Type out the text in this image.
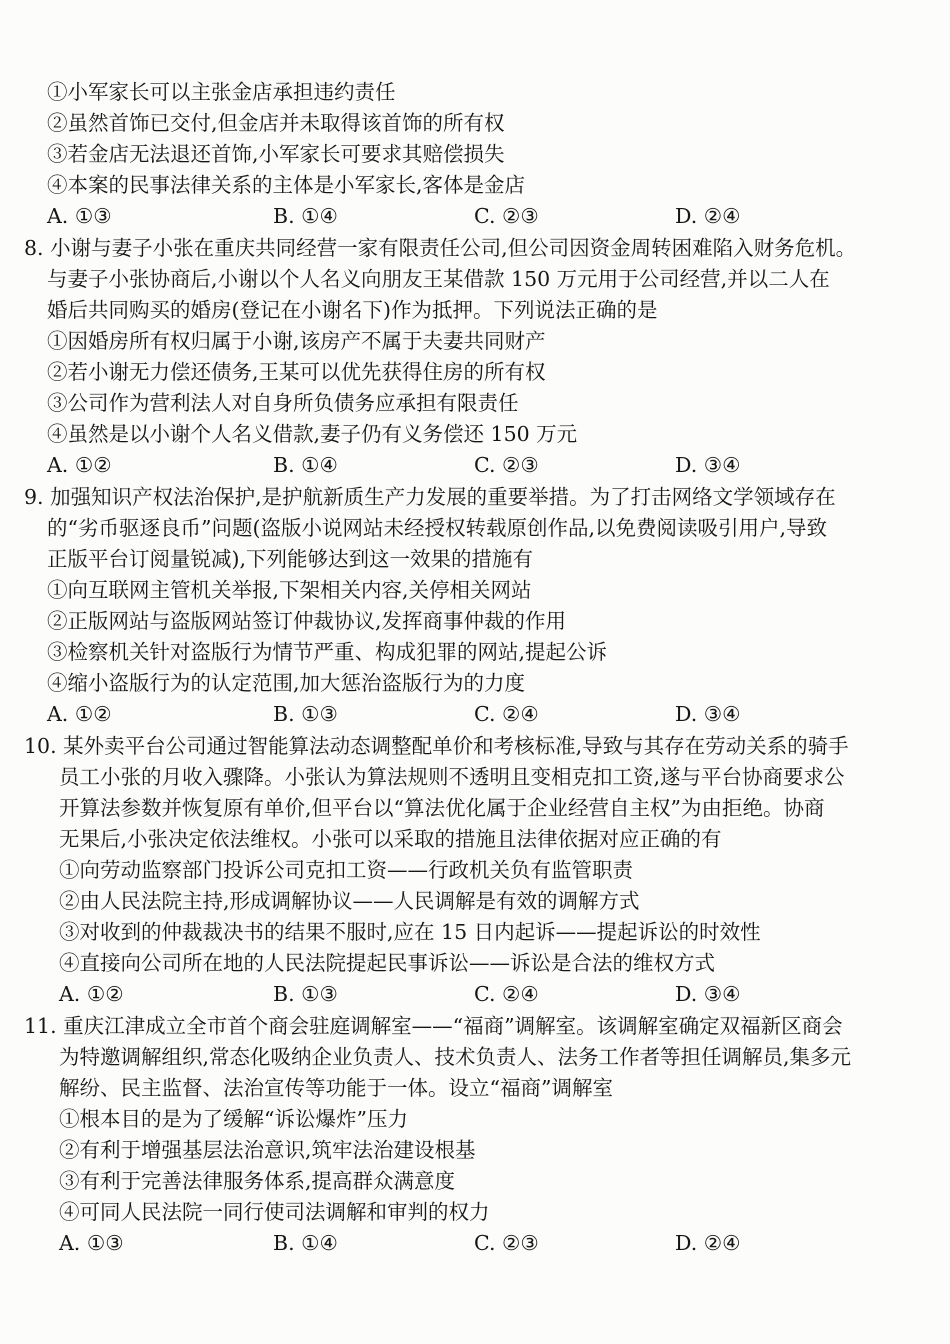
①小军家长可以主张金店承担违约责任
②虽然首饰已交付,但金店并未取得该首饰的所有权
③若金店无法退还首饰,小军家长可要求其赔偿损失
④本案的民事法律关系的主体是小军家长,客体是金店
A. ①③	B. ①④	C. ②③	D. ②④
8. 小谢与妻子小张在重庆共同经营一家有限责任公司,但公司因资金周转困难陷入财务危机。
与妻子小张协商后,小谢以个人名义向朋友王某借款 150 万元用于公司经营,并以二人在
婚后共同购买的婚房(登记在小谢名下)作为抵押。下列说法正确的是
①因婚房所有权归属于小谢,该房产不属于夫妻共同财产
②若小谢无力偿还债务,王某可以优先获得住房的所有权
③公司作为营利法人对自身所负债务应承担有限责任
④虽然是以小谢个人名义借款,妻子仍有义务偿还 150 万元
A. ①②	B. ①④	C. ②③	D. ③④
9. 加强知识产权法治保护,是护航新质生产力发展的重要举措。为了打击网络文学领域存在
的“劣币驱逐良币”问题(盗版小说网站未经授权转载原创作品,以免费阅读吸引用户,导致
正版平台订阅量锐减),下列能够达到这一效果的措施有
①向互联网主管机关举报,下架相关内容,关停相关网站
②正版网站与盗版网站签订仲裁协议,发挥商事仲裁的作用
③检察机关针对盗版行为情节严重、构成犯罪的网站,提起公诉
④缩小盗版行为的认定范围,加大惩治盗版行为的力度
A. ①②	B. ①③	C. ②④	D. ③④
10. 某外卖平台公司通过智能算法动态调整配单价和考核标准,导致与其存在劳动关系的骑手
员工小张的月收入骤降。小张认为算法规则不透明且变相克扣工资,遂与平台协商要求公
开算法参数并恢复原有单价,但平台以“算法优化属于企业经营自主权”为由拒绝。协商
无果后,小张决定依法维权。小张可以采取的措施且法律依据对应正确的有
①向劳动监察部门投诉公司克扣工资——行政机关负有监管职责
②由人民法院主持,形成调解协议——人民调解是有效的调解方式
③对收到的仲裁裁决书的结果不服时,应在 15 日内起诉——提起诉讼的时效性
④直接向公司所在地的人民法院提起民事诉讼——诉讼是合法的维权方式
A. ①②	B. ①③	C. ②④	D. ③④
11. 重庆江津成立全市首个商会驻庭调解室——“福商”调解室。该调解室确定双福新区商会
为特邀调解组织,常态化吸纳企业负责人、技术负责人、法务工作者等担任调解员,集多元
解纷、民主监督、法治宣传等功能于一体。设立“福商”调解室
①根本目的是为了缓解“诉讼爆炸”压力
②有利于增强基层法治意识,筑牢法治建设根基
③有利于完善法律服务体系,提高群众满意度
④可同人民法院一同行使司法调解和审判的权力
A. ①③	B. ①④	C. ②③	D. ②④
